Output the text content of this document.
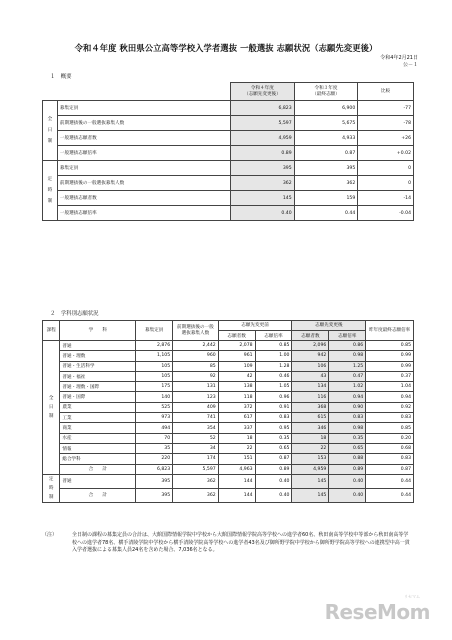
令和４年度 秋田県公立高等学校入学者選抜 一般選抜 志願状況（志願先変更後）
令和4年2月21日
公－１
１　概要
		令和４年度
（志願先変更後）	令和３年度
（最終志願）	比較
全
日
制	募集定員	6,823	6,900	-77
	前期選抜後の一般選抜募集人数	5,597	5,675	-78
	一般選抜志願者数	4,959	4,933	+26
	一般選抜志願倍率	0.89	0.87	+0.02
定
時
制	募集定員	395	395	0
	前期選抜後の一般選抜募集人数	362	362	0
	一般選抜志願者数	145	159	-14
	一般選抜志願倍率	0.40	0.44	-0.04
２　学科別志願状況
課程	学　　科	募集定員	前期選抜後の一般選抜募集人数	志願先変更前		志願先変更後		昨年度最終志願倍率
				志願者数	志願倍率	志願者数	志願倍率	
全
日
制	普通	2,876	2,442	2,078	0.85	2,096	0.86	0.85
	普通・理数	1,105	960	961	1.00	942	0.98	0.99
	普通・生活科学	105	85	109	1.28	106	1.25	0.99
	普通・福祉	105	92	42	0.46	43	0.47	0.37
	普通・理数・国際	175	131	138	1.05	134	1.02	1.04
	普通・国際	140	123	118	0.96	116	0.94	0.94
	農業	525	409	372	0.91	368	0.90	0.92
	工業	973	741	617	0.83	615	0.83	0.83
	商業	494	354	337	0.95	346	0.98	0.85
	水産	70	52	18	0.35	18	0.35	0.20
	情報	35	34	22	0.65	22	0.65	0.68
	総合学科	220	174	151	0.87	153	0.88	0.83
	合　　計	6,823	5,597	4,963	0.89	4,959	0.89	0.87
定
時
制	普通	395	362	144	0.40	145	0.40	0.44
	合　　計	395	362	144	0.40	145	0.40	0.44
（注）	全日制の課程の募集定員の合計は、大館国際情報学院中学校から大館国際情報学院高等学校への進学者60名、秋田南高等学校中等部から秋田南高等学校への進学者78名、横手清陵学院中学校から横手清陵学院高等学校への進学者43名及び御所野学院中学校から御所野学院高等学校への連携型中高一貫入学者選抜による募集人員24名を含めた場合、7,036名となる。
リセマム
ReseMom
